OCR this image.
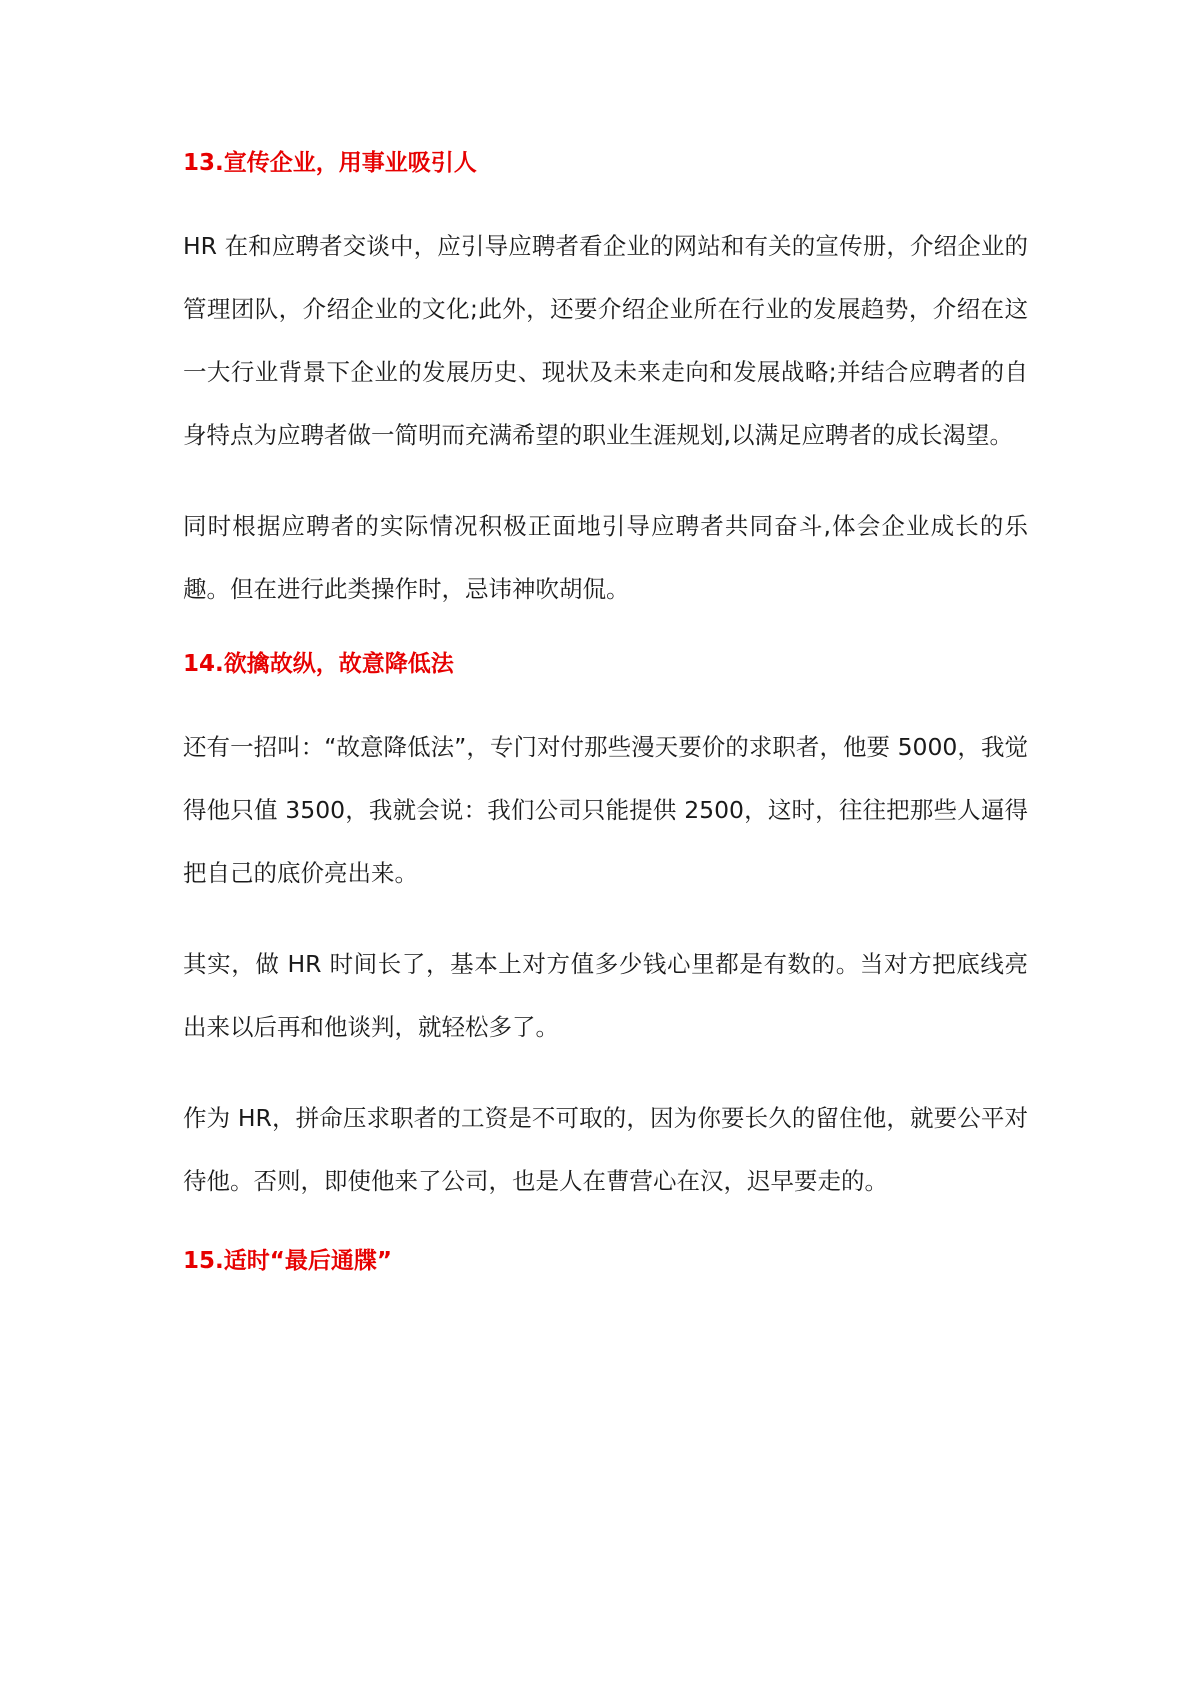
13.宣传企业，用事业吸引人

HR 在和应聘者交谈中，应引导应聘者看企业的网站和有关的宣传册，介绍企业的管理团队，介绍企业的文化;此外，还要介绍企业所在行业的发展趋势，介绍在这一大行业背景下企业的发展历史、现状及未来走向和发展战略;并结合应聘者的自身特点为应聘者做一简明而充满希望的职业生涯规划,以满足应聘者的成长渴望。

同时根据应聘者的实际情况积极正面地引导应聘者共同奋斗,体会企业成长的乐趣。但在进行此类操作时，忌讳神吹胡侃。

14.欲擒故纵，故意降低法

还有一招叫：“故意降低法”，专门对付那些漫天要价的求职者，他要 5000，我觉得他只值 3500，我就会说：我们公司只能提供 2500，这时，往往把那些人逼得把自己的底价亮出来。

其实，做 HR 时间长了，基本上对方值多少钱心里都是有数的。当对方把底线亮出来以后再和他谈判，就轻松多了。

作为 HR，拼命压求职者的工资是不可取的，因为你要长久的留住他，就要公平对待他。否则，即使他来了公司，也是人在曹营心在汉，迟早要走的。

15.适时“最后通牒”
